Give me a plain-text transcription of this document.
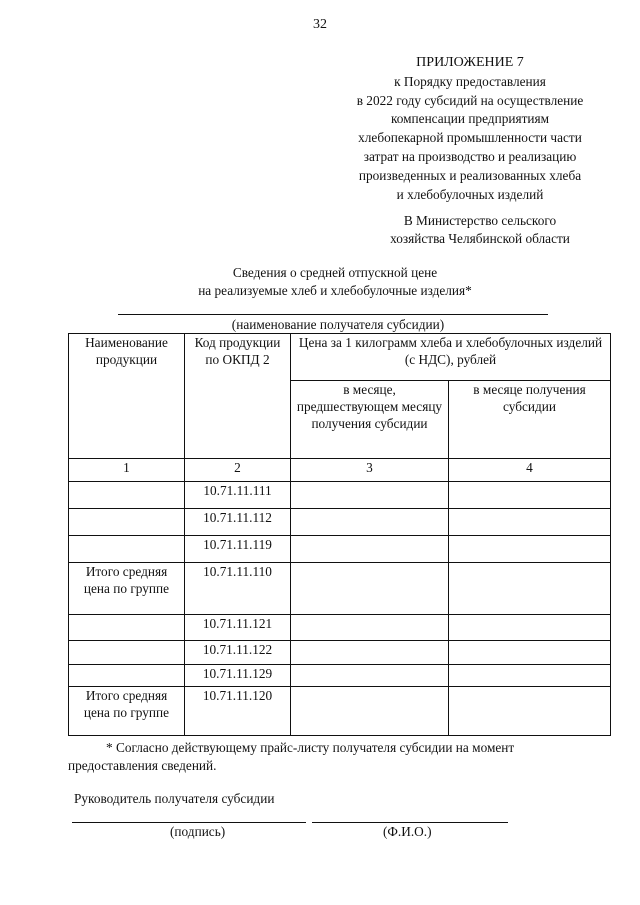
32
ПРИЛОЖЕНИЕ 7
к Порядку предоставления
в 2022 году субсидий на осуществление
компенсации предприятиям
хлебопекарной промышленности части
затрат на производство и реализацию
произведенных и реализованных хлеба
и хлебобулочных изделий
В Министерство сельского
хозяйства Челябинской области
Сведения о средней отпускной цене
на реализуемые хлеб и хлебобулочные изделия*
(наименование получателя субсидии)
Наименование продукции	Код продукции по ОКПД 2	Цена за 1 килограмм хлеба и хлебобулочных изделий (с НДС), рублей	
		в месяце, предшествующем месяцу получения субсидии	в месяце получения субсидии
1	2	3	4
	10.71.11.111		
	10.71.11.112		
	10.71.11.119		
Итого средняя цена по группе	10.71.11.110		
	10.71.11.121		
	10.71.11.122		
	10.71.11.129		
Итого средняя цена по группе	10.71.11.120		
* Согласно действующему прайс-листу получателя субсидии на момент
предоставления сведений.
Руководитель получателя субсидии
(подпись)	(Ф.И.О.)
